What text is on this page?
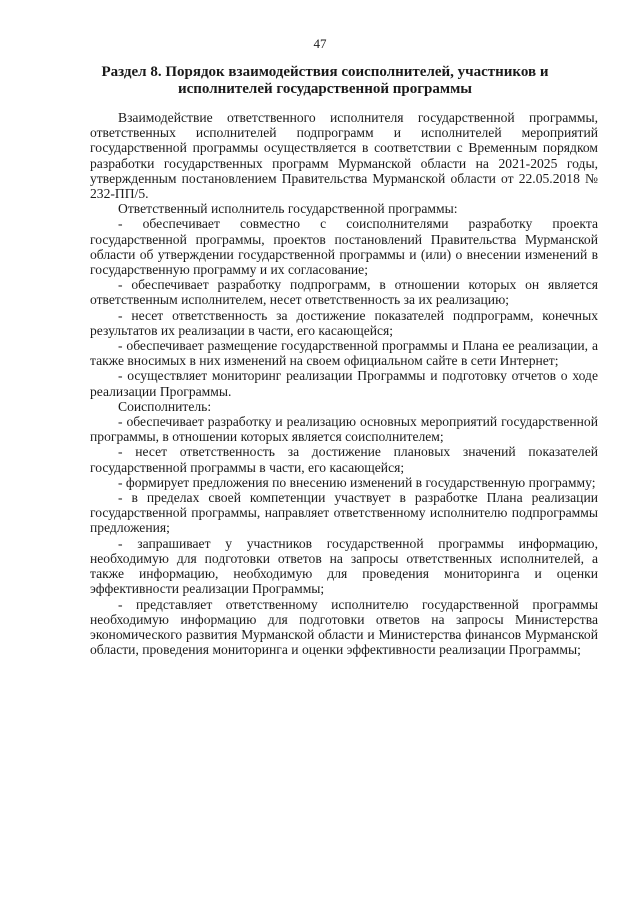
47
Раздел 8. Порядок взаимодействия соисполнителей, участников и
исполнителей государственной программы

Взаимодействие ответственного исполнителя государственной программы, ответственных исполнителей подпрограмм и исполнителей мероприятий государственной программы осуществляется в соответствии с Временным порядком разработки государственных программ Мурманской области на 2021-2025 годы, утвержденным постановлением Правительства Мурманской области от 22.05.2018 № 232-ПП/5.

Ответственный исполнитель государственной программы:

- обеспечивает совместно с соисполнителями разработку проекта государственной программы, проектов постановлений Правительства Мурманской области об утверждении государственной программы и (или) о внесении изменений в государственную программу и их согласование;

- обеспечивает разработку подпрограмм, в отношении которых он является ответственным исполнителем, несет ответственность за их реализацию;

- несет ответственность за достижение показателей подпрограмм, конечных результатов их реализации в части, его касающейся;

- обеспечивает размещение государственной программы и Плана ее реализации, а также вносимых в них изменений на своем официальном сайте в сети Интернет;

- осуществляет мониторинг реализации Программы и подготовку отчетов о ходе реализации Программы.

Соисполнитель:

- обеспечивает разработку и реализацию основных мероприятий государственной программы, в отношении которых является соисполнителем;

- несет ответственность за достижение плановых значений показателей государственной программы в части, его касающейся;

- формирует предложения по внесению изменений в государственную программу;

- в пределах своей компетенции участвует в разработке Плана реализации государственной программы, направляет ответственному исполнителю подпрограммы предложения;

- запрашивает у участников государственной программы информацию, необходимую для подготовки ответов на запросы ответственных исполнителей, а также информацию, необходимую для проведения мониторинга и оценки эффективности реализации Программы;

- представляет ответственному исполнителю государственной программы необходимую информацию для подготовки ответов на запросы Министерства экономического развития Мурманской области и Министерства финансов Мурманской области, проведения мониторинга и оценки эффективности реализации Программы;
